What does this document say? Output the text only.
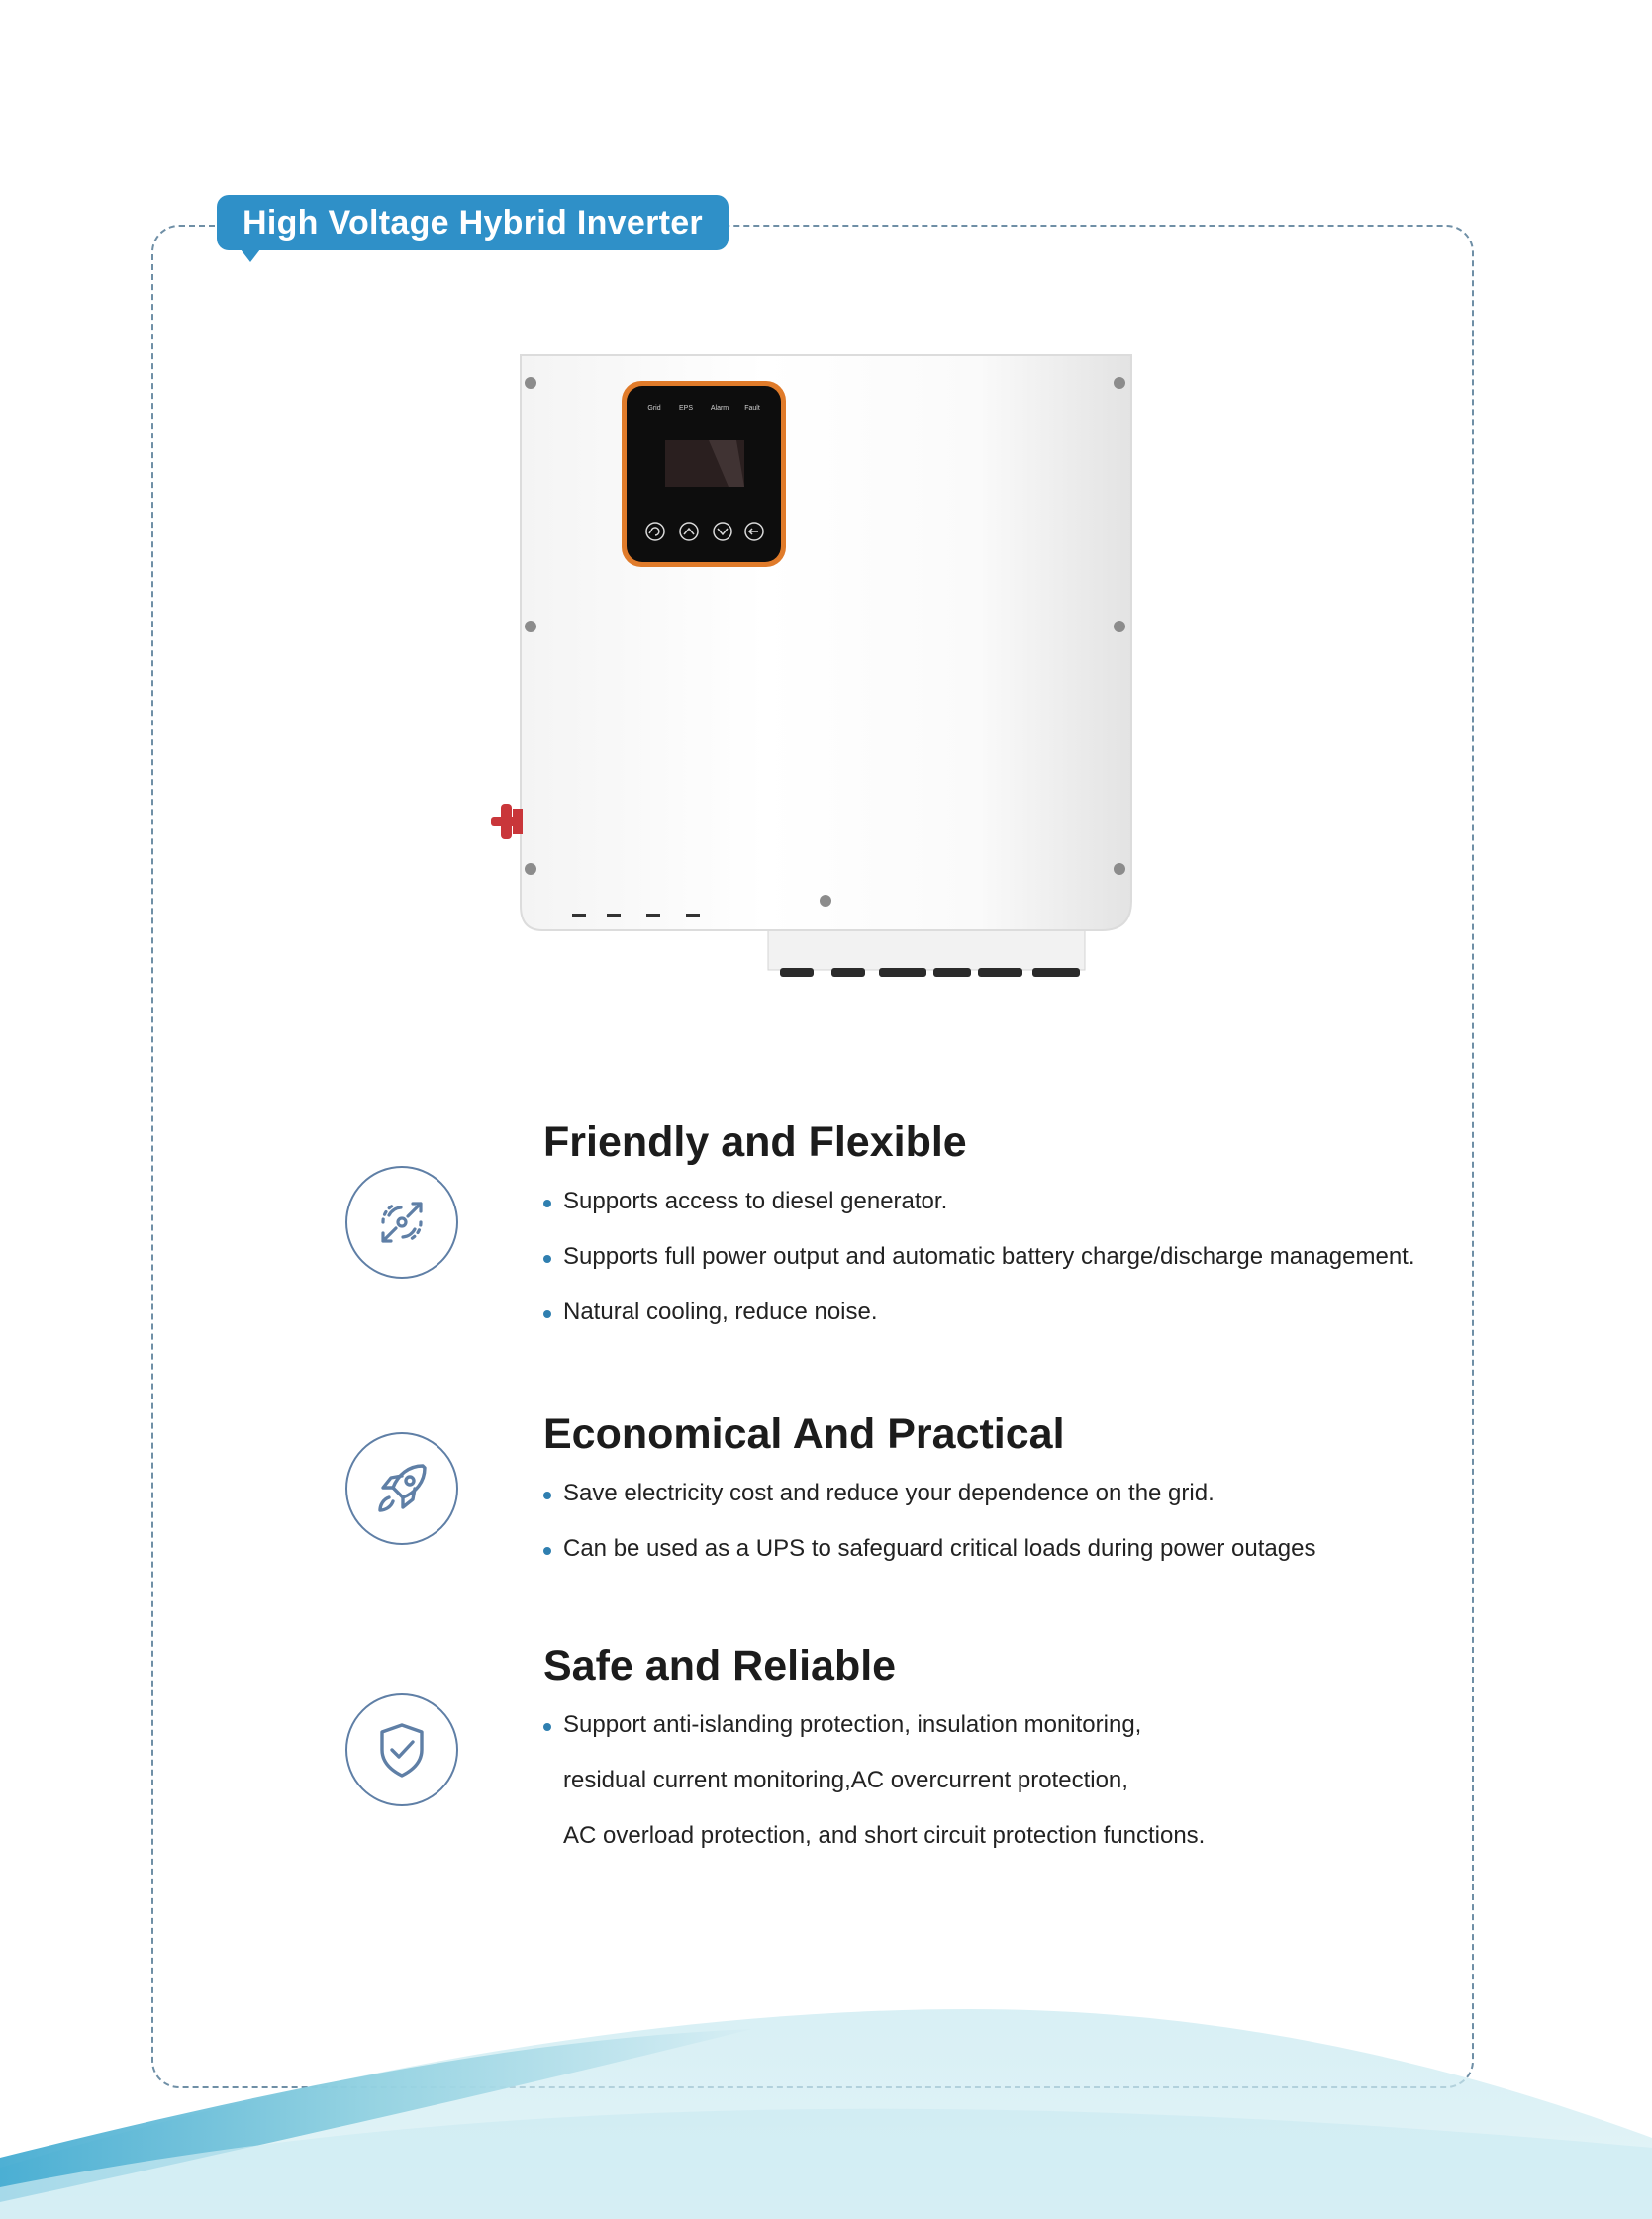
High Voltage Hybrid Inverter
Grid	EPS	Alarm Fault
Friendly and Flexible
Supports access to diesel generator.
Supports full power output and automatic battery charge/discharge management.
Natural cooling, reduce noise.
Economical And Practical
Save electricity cost and reduce your dependence on the grid.
Can be used as a UPS to safeguard critical loads during power outages
Safe and Reliable
Support anti-islanding protection, insulation monitoring,
residual current monitoring,AC overcurrent protection,
AC overload protection, and short circuit protection functions.
